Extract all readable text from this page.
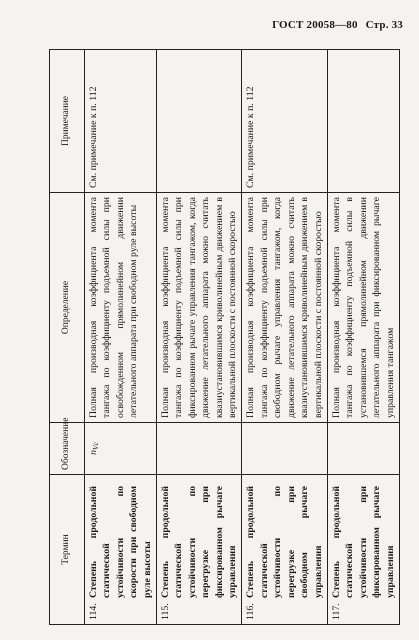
ГОСТ 20058—80 Стр. 33
Термин	Обозначение	Определение	Примечание
114.Степень продольной статической устойчивости по скорости при свободном руле высоты	$n_{Vс}$	Полная производная коэффициента момента тангажа по коэффициенту подъемной силы при освобожденном прямолинейном движении летательного аппарата при свободном руле высоты	См. примечание к п. 112
115.Степень продольной статической устойчивости по перегрузке при фиксированном рычаге управления		Полная производная коэффициента момента тангажа по коэффициенту подъемной силы при фиксированном рычаге управления тангажом, когда движение летательного аппарата можно считать квазиустановившимся криволинейным движением в вертикальной плоскости с постоянной скоростью	
116.Степень продольной статической устойчивости по перегрузке при свободном рычаге управления		Полная производная коэффициента момента тангажа по коэффициенту подъемной силы при свободном рычаге управления тангажом, когда движение летательного аппарата можно считать квазиустановившимся криволинейным движением в вертикальной плоскости с постоянной скоростью	См. примечание к п. 112
117.Степень продольной статической устойчивости при фиксированном рычаге управления		Полная производная коэффициента момента тангажа по коэффициенту подъемной силы в установившемся прямолинейном движении летательного аппарата при фиксированном рычаге управления тангажом	
